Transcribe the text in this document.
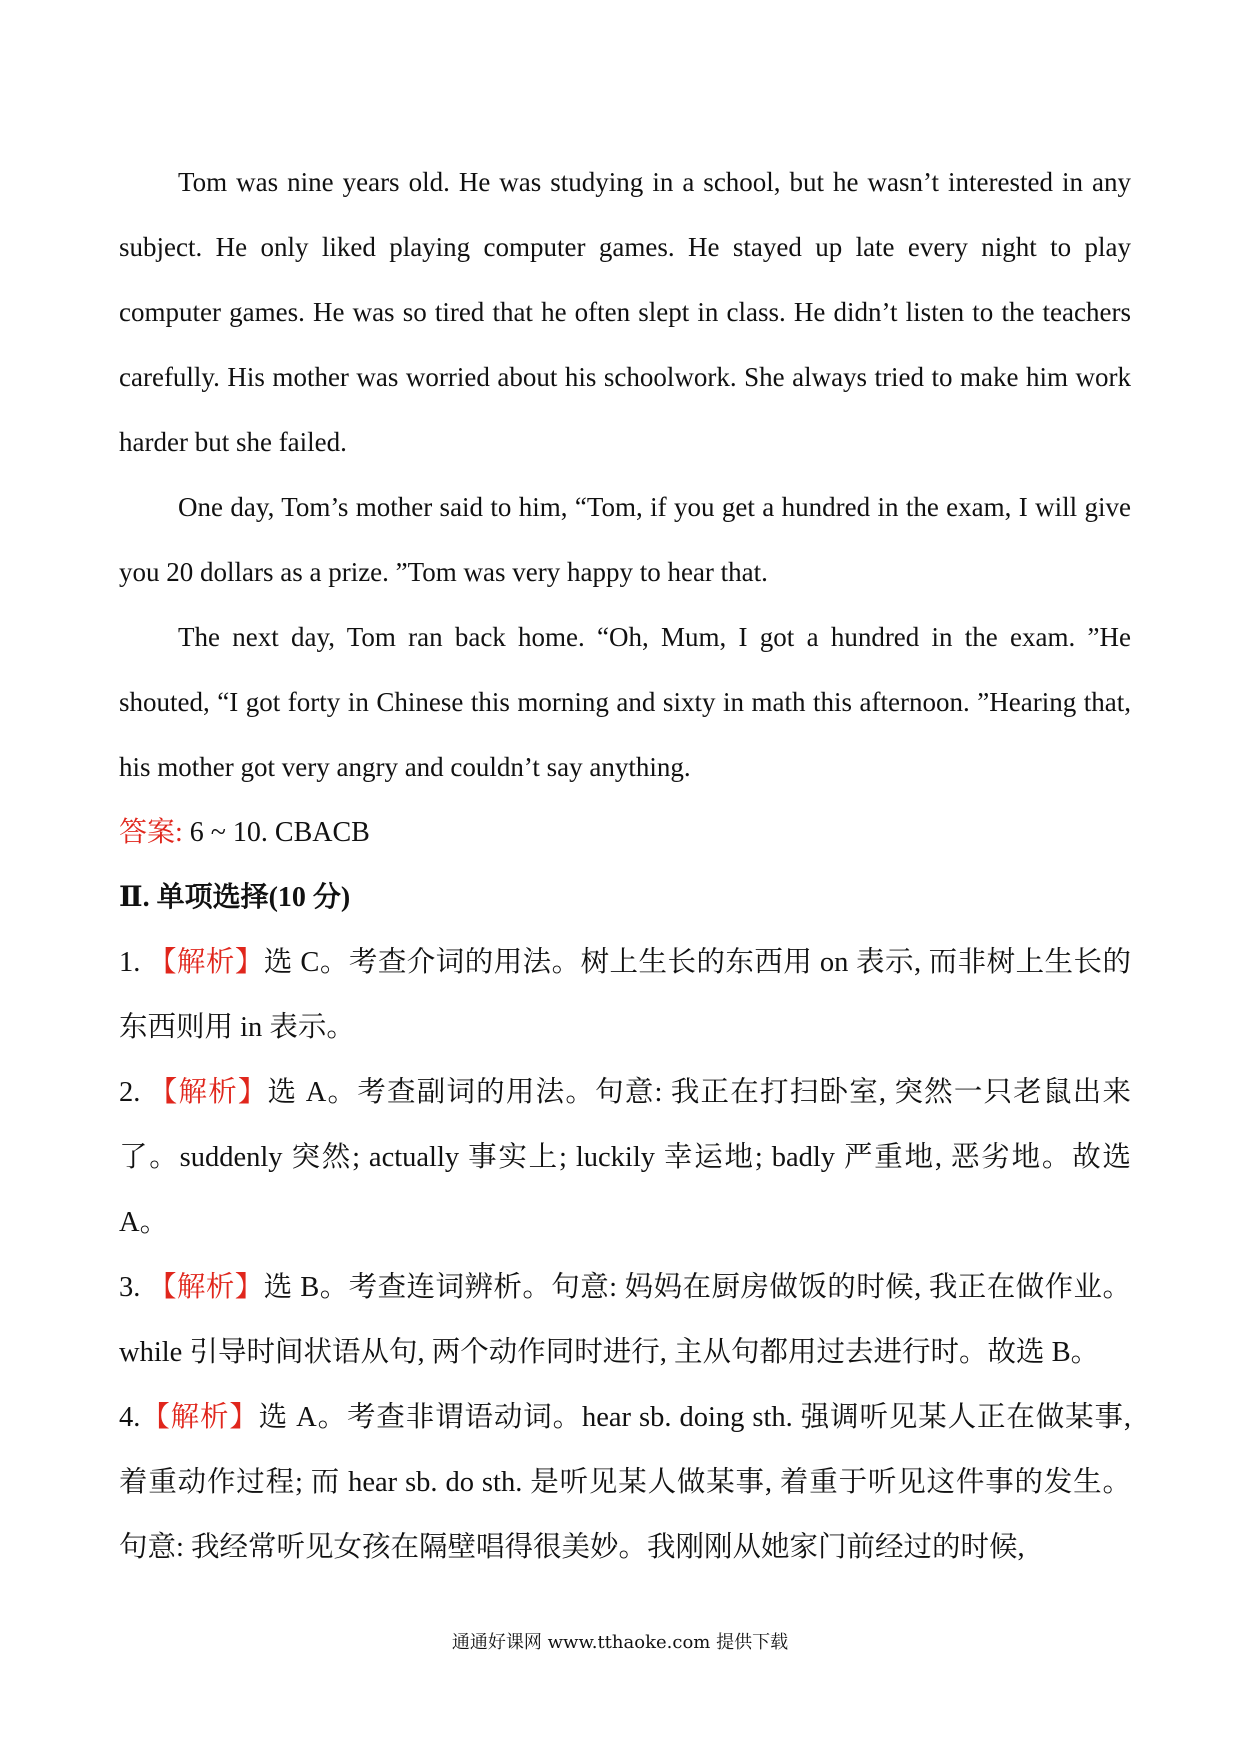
Tom was nine years old. He was studying in a school, but he wasn’t interested in any subject. He only liked playing computer games. He stayed up late every night to play computer games. He was so tired that he often slept in class. He didn’t listen to the teachers carefully. His mother was worried about his schoolwork. She always tried to make him work harder but she failed.

One day, Tom’s mother said to him, “Tom, if you get a hundred in the exam, I will give you 20 dollars as a prize. ”Tom was very happy to hear that.

The next day, Tom ran back home. “Oh, Mum, I got a hundred in the exam. ”He shouted, “I got forty in Chinese this morning and sixty in math this afternoon. ”Hearing that, his mother got very angry and couldn’t say anything.

答案: 6 ~ 10. CBACB

Ⅱ. 单项选择(10 分)

1. 【解析】选 C。考查介词的用法。树上生长的东西用 on 表示, 而非树上生长的东西则用 in 表示。

2. 【解析】选 A。考查副词的用法。句意: 我正在打扫卧室, 突然一只老鼠出来了。suddenly 突然; actually 事实上; luckily 幸运地; badly 严重地, 恶劣地。故选 A。

3. 【解析】选 B。考查连词辨析。句意: 妈妈在厨房做饭的时候, 我正在做作业。while 引导时间状语从句, 两个动作同时进行, 主从句都用过去进行时。故选 B。

4.【解析】选 A。考查非谓语动词。hear sb. doing sth. 强调听见某人正在做某事, 着重动作过程; 而 hear sb. do sth. 是听见某人做某事, 着重于听见这件事的发生。句意: 我经常听见女孩在隔壁唱得很美妙。我刚刚从她家门前经过的时候,

通通好课网 www.tthaoke.com 提供下载
